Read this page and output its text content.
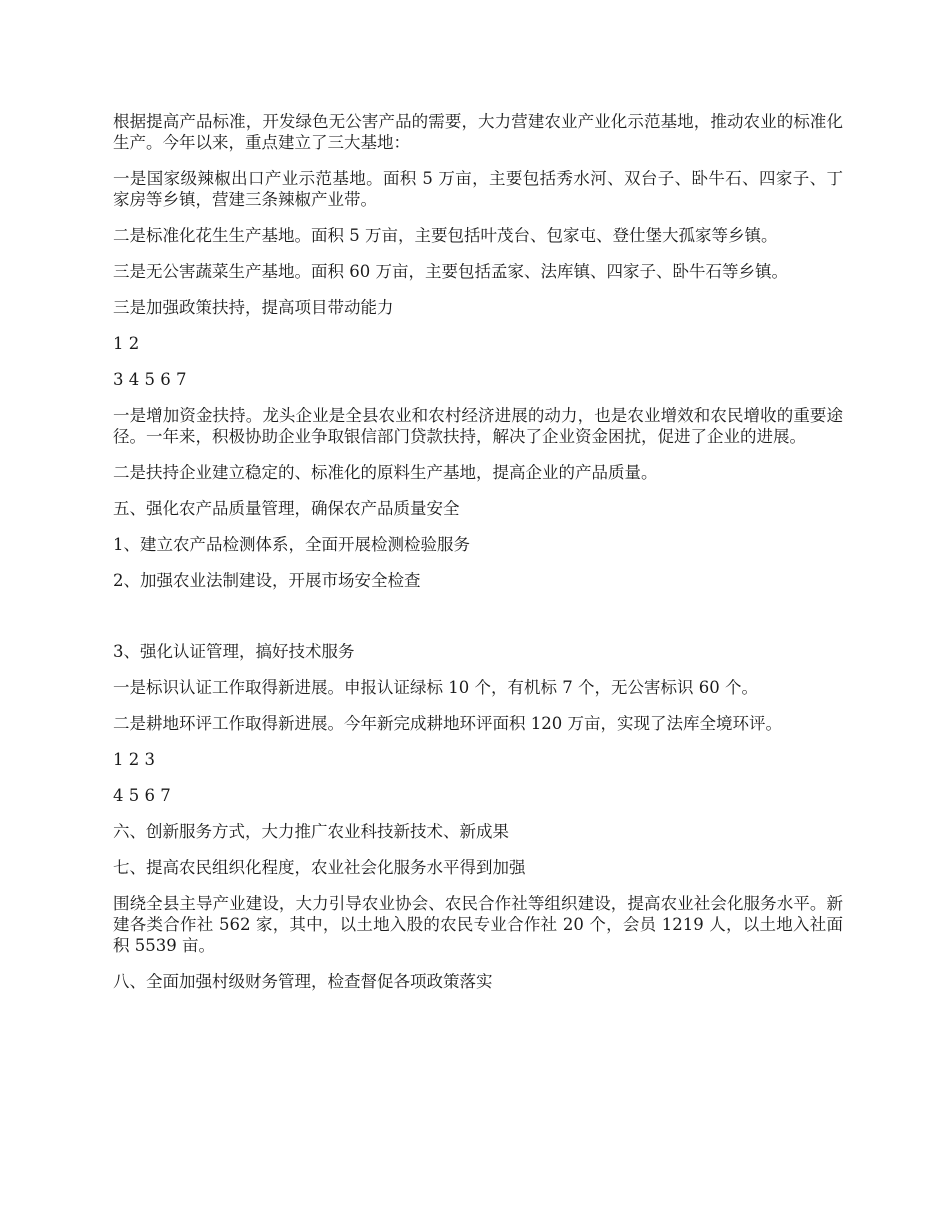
根据提高产品标准，开发绿色无公害产品的需要，大力营建农业产业化示范基地，推动农业的标准化生产。今年以来，重点建立了三大基地：

一是国家级辣椒出口产业示范基地。面积 5 万亩，主要包括秀水河、双台子、卧牛石、四家子、丁家房等乡镇，营建三条辣椒产业带。

二是标准化花生生产基地。面积 5 万亩，主要包括叶茂台、包家屯、登仕堡大孤家等乡镇。

三是无公害蔬菜生产基地。面积 60 万亩，主要包括孟家、法库镇、四家子、卧牛石等乡镇。

三是加强政策扶持，提高项目带动能力

1 2

3 4 5 6 7

一是增加资金扶持。龙头企业是全县农业和农村经济进展的动力，也是农业增效和农民增收的重要途径。一年来，积极协助企业争取银信部门贷款扶持，解决了企业资金困扰，促进了企业的进展。

二是扶持企业建立稳定的、标准化的原料生产基地，提高企业的产品质量。

五、强化农产品质量管理，确保农产品质量安全

1、建立农产品检测体系，全面开展检测检验服务

2、加强农业法制建设，开展市场安全检查

3、强化认证管理，搞好技术服务

一是标识认证工作取得新进展。申报认证绿标 10 个，有机标 7 个，无公害标识 60 个。

二是耕地环评工作取得新进展。今年新完成耕地环评面积 120 万亩，实现了法库全境环评。

1 2 3

4 5 6 7

六、创新服务方式，大力推广农业科技新技术、新成果

七、提高农民组织化程度，农业社会化服务水平得到加强

围绕全县主导产业建设，大力引导农业协会、农民合作社等组织建设，提高农业社会化服务水平。新建各类合作社 562 家，其中，以土地入股的农民专业合作社 20 个，会员 1219 人，以土地入社面积 5539 亩。

八、全面加强村级财务管理，检查督促各项政策落实
